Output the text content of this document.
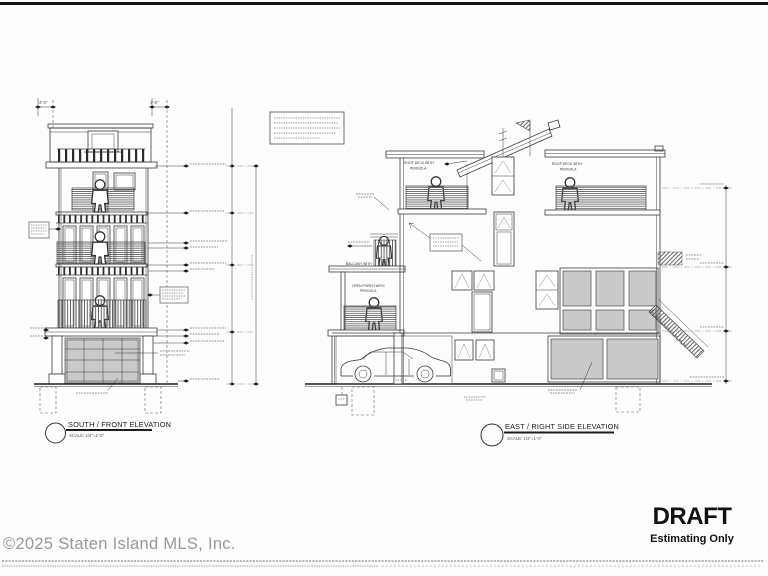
3'-0"	3'-0"
BALCONY WITH
OPEN PORCH WITH
PERGOLA
ROOF DECK WITH
PERGOLA
ROOF DECK WITH
PERGOLA
SOUTH / FRONT ELEVATION
SCALE: 1/4"=1'-0"
EAST / RIGHT SIDE ELEVATION
SCALE: 1/4"=1'-0"
©2025 Staten Island MLS, Inc.
DRAFT
Estimating Only
